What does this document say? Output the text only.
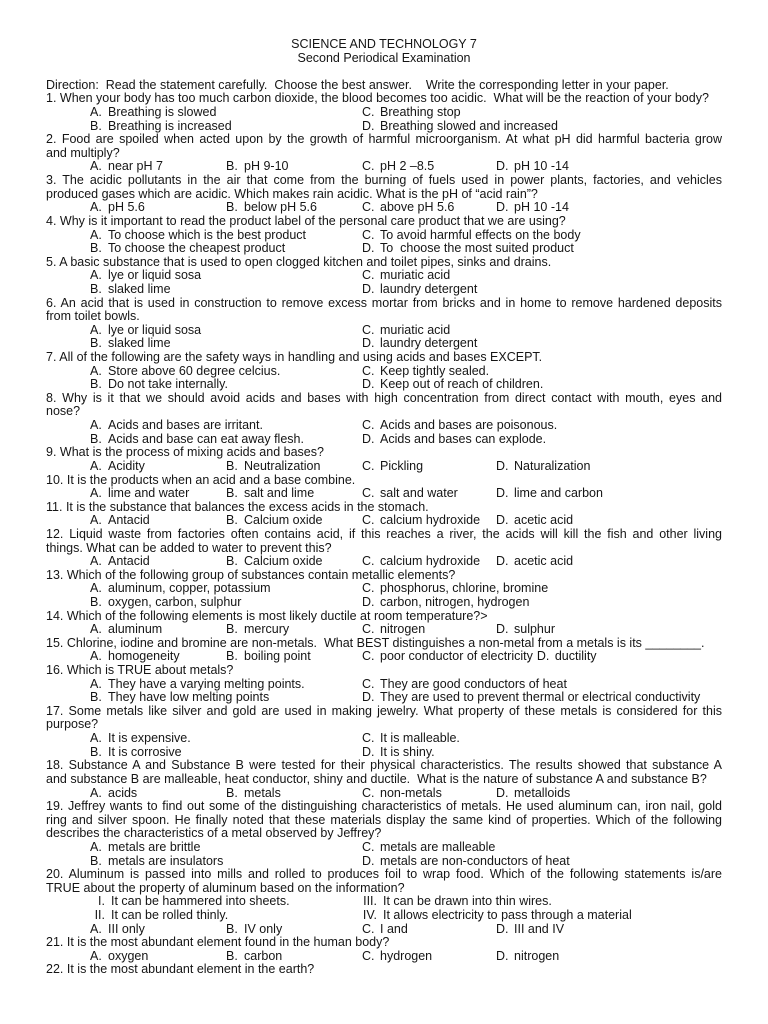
SCIENCE AND TECHNOLOGY 7
Second Periodical Examination
Direction:  Read the statement carefully.  Choose the best answer.    Write the corresponding letter in your paper.
1. When your body has too much carbon dioxide, the blood becomes too acidic.  What will be the reaction of your body?
A. Breathing is slowed	C. Breathing stop
B. Breathing is increased	D. Breathing slowed and increased
2. Food are spoiled when acted upon by the growth of harmful microorganism. At what pH did harmful bacteria grow
and multiply?
A. near pH 7	B. pH 9-10	C. pH 2 –8.5	D. pH 10 -14
3. The acidic pollutants in the air that come from the burning of fuels used in power plants, factories, and vehicles
produced gases which are acidic. Which makes rain acidic. What is the pH of “acid rain”?
A. pH 5.6	B. below pH 5.6	C. above pH 5.6	D. pH 10 -14
4. Why is it important to read the product label of the personal care product that we are using?
A. To choose which is the best product	C. To avoid harmful effects on the body
B. To choose the cheapest product	D. To  choose the most suited product
5. A basic substance that is used to open clogged kitchen and toilet pipes, sinks and drains.
A. lye or liquid sosa	C. muriatic acid
B. slaked lime	D. laundry detergent
6. An acid that is used in construction to remove excess mortar from bricks and in home to remove hardened deposits
from toilet bowls.
A. lye or liquid sosa	C. muriatic acid
B. slaked lime	D. laundry detergent
7. All of the following are the safety ways in handling and using acids and bases EXCEPT.
A. Store above 60 degree celcius.	C. Keep tightly sealed.
B. Do not take internally.	D. Keep out of reach of children.
8. Why is it that we should avoid acids and bases with high concentration from direct contact with mouth, eyes and
nose?
A. Acids and bases are irritant.	C. Acids and bases are poisonous.
B. Acids and base can eat away flesh.	D. Acids and bases can explode.
9. What is the process of mixing acids and bases?
A. Acidity	B. Neutralization	C. Pickling	D. Naturalization
10. It is the products when an acid and a base combine.
A. lime and water	B. salt and lime	C. salt and water	D. lime and carbon
11. It is the substance that balances the excess acids in the stomach.
A. Antacid	B. Calcium oxide	C. calcium hydroxide	D. acetic acid
12. Liquid waste from factories often contains acid, if this reaches a river, the acids will kill the fish and other living
things. What can be added to water to prevent this?
A. Antacid	B. Calcium oxide	C. calcium hydroxide	D. acetic acid
13. Which of the following group of substances contain metallic elements?
A. aluminum, copper, potassium	C. phosphorus, chlorine, bromine
B. oxygen, carbon, sulphur	D. carbon, nitrogen, hydrogen
14. Which of the following elements is most likely ductile at room temperature?>
A. aluminum	B. mercury	C. nitrogen	D. sulphur
15. Chlorine, iodine and bromine are non-metals.  What BEST distinguishes a non-metal from a metals is its ________.
A. homogeneity	B. boiling point	C. poor conductor of electricity D. ductility
16. Which is TRUE about metals?
A. They have a varying melting points.	C. They are good conductors of heat
B. They have low melting points	D. They are used to prevent thermal or electrical conductivity
17. Some metals like silver and gold are used in making jewelry. What property of these metals is considered for this
purpose?
A. It is expensive.	C. It is malleable.
B. It is corrosive	D. It is shiny.
18. Substance A and Substance B were tested for their physical characteristics. The results showed that substance A
and substance B are malleable, heat conductor, shiny and ductile.  What is the nature of substance A and substance B?
A. acids	B. metals	C. non-metals	D. metalloids
19. Jeffrey wants to find out some of the distinguishing characteristics of metals. He used aluminum can, iron nail, gold
ring and silver spoon. He finally noted that these materials display the same kind of properties. Which of the following
describes the characteristics of a metal observed by Jeffrey?
A. metals are brittle	C. metals are malleable
B. metals are insulators	D. metals are non-conductors of heat
20. Aluminum is passed into mills and rolled to produces foil to wrap food. Which of the following statements is/are
TRUE about the property of aluminum based on the information?
I. It can be hammered into sheets.	III. It can be drawn into thin wires.
II. It can be rolled thinly.	IV. It allows electricity to pass through a material
A. III only	B. IV only	C. I and	D. III and IV
21. It is the most abundant element found in the human body?
A. oxygen	B. carbon	C. hydrogen	D. nitrogen
22. It is the most abundant element in the earth?
